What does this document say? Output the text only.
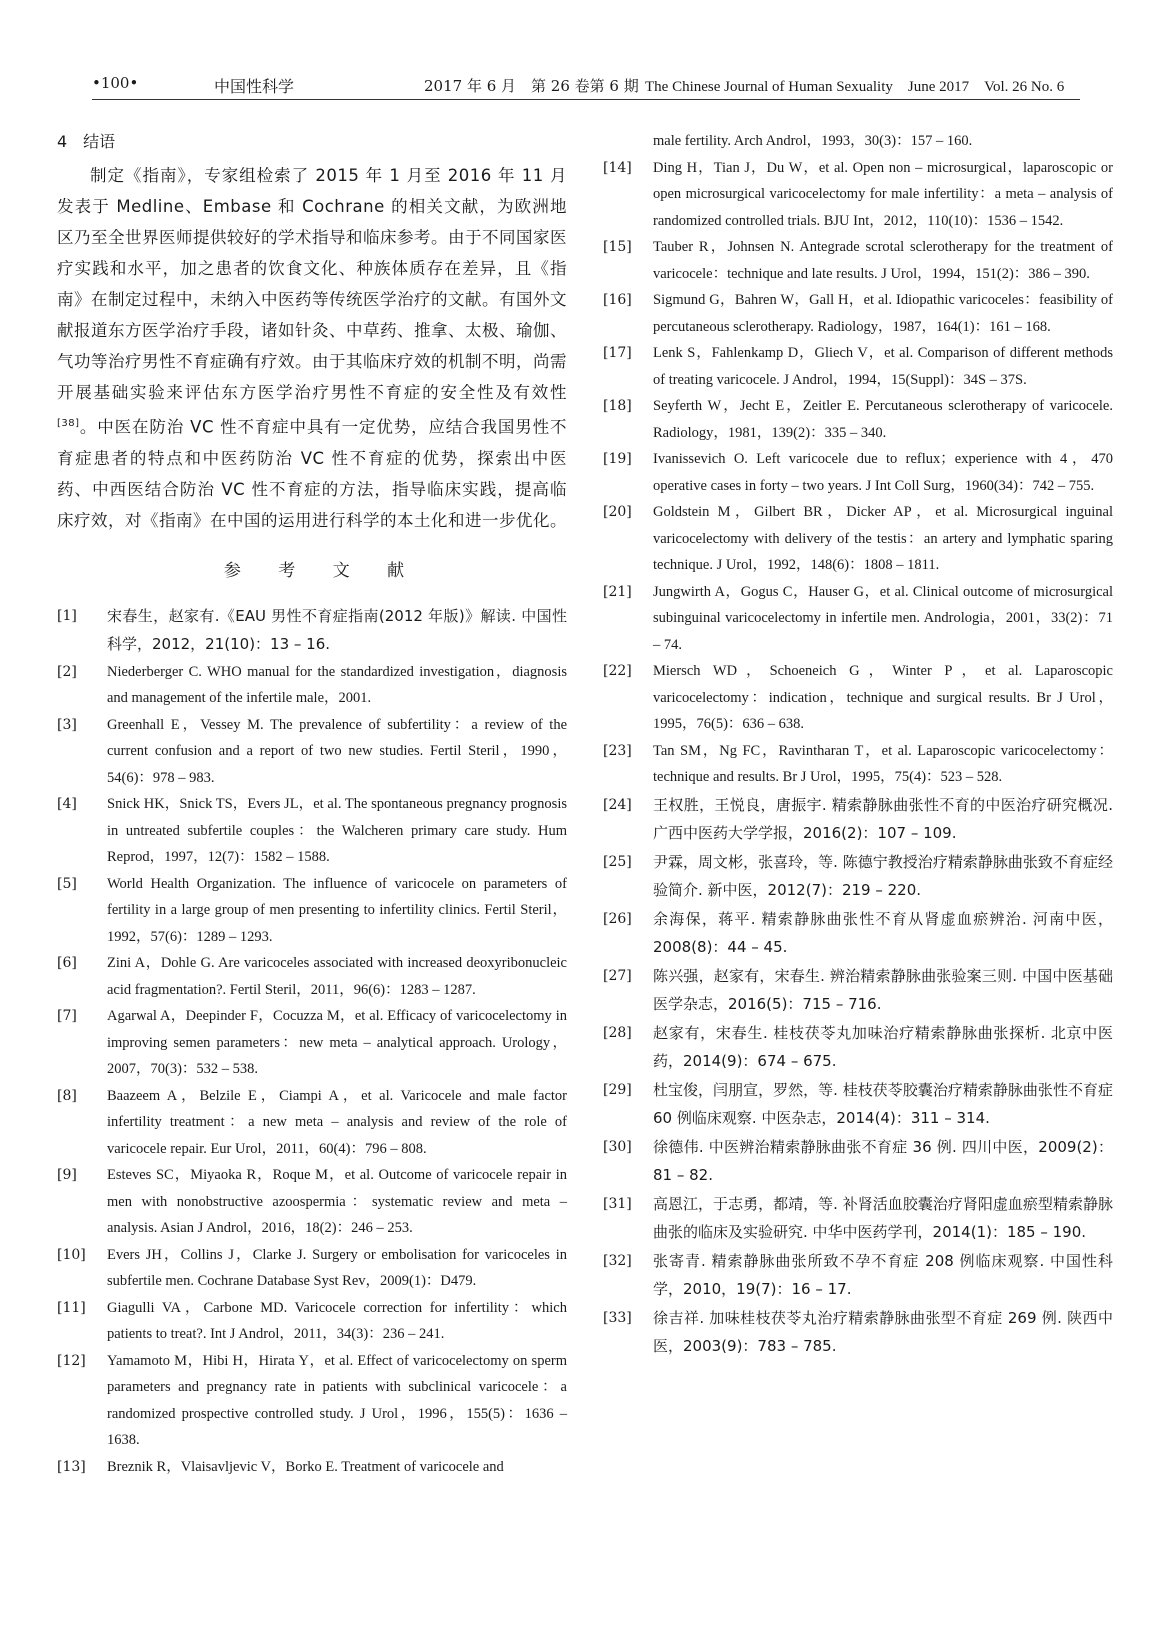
•100•	中国性科学	2017 年 6 月　第 26 卷第 6 期 The Chinese Journal of Human Sexuality　June 2017　Vol. 26 No. 6
4　结语

制定《指南》，专家组检索了 2015 年 1 月至 2016 年 11 月发表于 Medline、Embase 和 Cochrane 的相关文献，为欧洲地区乃至全世界医师提供较好的学术指导和临床参考。由于不同国家医疗实践和水平，加之患者的饮食文化、种族体质存在差异，且《指南》在制定过程中，未纳入中医药等传统医学治疗的文献。有国外文献报道东方医学治疗手段，诸如针灸、中草药、推拿、太极、瑜伽、气功等治疗男性不育症确有疗效。由于其临床疗效的机制不明，尚需开展基础实验来评估东方医学治疗男性不育症的安全性及有效性[38]。中医在防治 VC 性不育症中具有一定优势，应结合我国男性不育症患者的特点和中医药防治 VC 性不育症的优势，探索出中医药、中西医结合防治 VC 性不育症的方法，指导临床实践，提高临床疗效，对《指南》在中国的运用进行科学的本土化和进一步优化。

参 考 文 献
[1] 宋春生，赵家有.《EAU 男性不育症指南(2012 年版)》解读. 中国性科学，2012，21(10)：13 – 16.
[2] Niederberger C. WHO manual for the standardized investigation，diagnosis and management of the infertile male，2001.
[3] Greenhall E，Vessey M. The prevalence of subfertility：a review of the current confusion and a report of two new studies. Fertil Steril，1990，54(6)：978 – 983.
[4] Snick HK，Snick TS，Evers JL，et al. The spontaneous pregnancy prognosis in untreated subfertile couples：the Walcheren primary care study. Hum Reprod，1997，12(7)：1582 – 1588.
[5] World Health Organization. The influence of varicocele on parameters of fertility in a large group of men presenting to infertility clinics. Fertil Steril，1992，57(6)：1289 – 1293.
[6] Zini A，Dohle G. Are varicoceles associated with increased deoxyribonucleic acid fragmentation?. Fertil Steril，2011，96(6)：1283 – 1287.
[7] Agarwal A，Deepinder F，Cocuzza M，et al. Efficacy of varicocelectomy in improving semen parameters：new meta – analytical approach. Urology，2007，70(3)：532 – 538.
[8] Baazeem A，Belzile E，Ciampi A，et al. Varicocele and male factor infertility treatment：a new meta – analysis and review of the role of varicocele repair. Eur Urol，2011，60(4)：796 – 808.
[9] Esteves SC，Miyaoka R，Roque M，et al. Outcome of varicocele repair in men with nonobstructive azoospermia：systematic review and meta – analysis. Asian J Androl，2016，18(2)：246 – 253.
[10] Evers JH，Collins J，Clarke J. Surgery or embolisation for varicoceles in subfertile men. Cochrane Database Syst Rev，2009(1)：D479.
[11] Giagulli VA，Carbone MD. Varicocele correction for infertility：which patients to treat?. Int J Androl，2011，34(3)：236 – 241.
[12] Yamamoto M，Hibi H，Hirata Y，et al. Effect of varicocelectomy on sperm parameters and pregnancy rate in patients with subclinical varicocele：a randomized prospective controlled study. J Urol，1996，155(5)：1636 – 1638.
[13] Breznik R，Vlaisavljevic V，Borko E. Treatment of varicocele and
male fertility. Arch Androl，1993，30(3)：157 – 160.
[14] Ding H，Tian J，Du W，et al. Open non – microsurgical，laparoscopic or open microsurgical varicocelectomy for male infertility：a meta – analysis of randomized controlled trials. BJU Int，2012，110(10)：1536 – 1542.
[15] Tauber R，Johnsen N. Antegrade scrotal sclerotherapy for the treatment of varicocele：technique and late results. J Urol，1994，151(2)：386 – 390.
[16] Sigmund G，Bahren W，Gall H，et al. Idiopathic varicoceles：feasibility of percutaneous sclerotherapy. Radiology，1987，164(1)：161 – 168.
[17] Lenk S，Fahlenkamp D，Gliech V，et al. Comparison of different methods of treating varicocele. J Androl，1994，15(Suppl)：34S – 37S.
[18] Seyferth W，Jecht E，Zeitler E. Percutaneous sclerotherapy of varicocele. Radiology，1981，139(2)：335 – 340.
[19] Ivanissevich O. Left varicocele due to reflux；experience with 4，470 operative cases in forty – two years. J Int Coll Surg，1960(34)：742 – 755.
[20] Goldstein M，Gilbert BR，Dicker AP，et al. Microsurgical inguinal varicocelectomy with delivery of the testis：an artery and lymphatic sparing technique. J Urol，1992，148(6)：1808 – 1811.
[21] Jungwirth A，Gogus C，Hauser G，et al. Clinical outcome of microsurgical subinguinal varicocelectomy in infertile men. Andrologia，2001，33(2)：71 – 74.
[22] Miersch WD，Schoeneich G，Winter P，et al. Laparoscopic varicocelectomy：indication，technique and surgical results. Br J Urol，1995，76(5)：636 – 638.
[23] Tan SM，Ng FC，Ravintharan T，et al. Laparoscopic varicocelectomy：technique and results. Br J Urol，1995，75(4)：523 – 528.
[24] 王权胜，王悦良，唐振宇. 精索静脉曲张性不育的中医治疗研究概况. 广西中医药大学学报，2016(2)：107 – 109.
[25] 尹霖，周文彬，张喜玲，等. 陈德宁教授治疗精索静脉曲张致不育症经验简介. 新中医，2012(7)：219 – 220.
[26] 余海保，蒋平. 精索静脉曲张性不育从肾虚血瘀辨治. 河南中医，2008(8)：44 – 45.
[27] 陈兴强，赵家有，宋春生. 辨治精索静脉曲张验案三则. 中国中医基础医学杂志，2016(5)：715 – 716.
[28] 赵家有，宋春生. 桂枝茯苓丸加味治疗精索静脉曲张探析. 北京中医药，2014(9)：674 – 675.
[29] 杜宝俊，闫朋宣，罗然，等. 桂枝茯苓胶囊治疗精索静脉曲张性不育症 60 例临床观察. 中医杂志，2014(4)：311 – 314.
[30] 徐德伟. 中医辨治精索静脉曲张不育症 36 例. 四川中医，2009(2)：81 – 82.
[31] 高恩江，于志勇，都靖，等. 补肾活血胶囊治疗肾阳虚血瘀型精索静脉曲张的临床及实验研究. 中华中医药学刊，2014(1)：185 – 190.
[32] 张寄青. 精索静脉曲张所致不孕不育症 208 例临床观察. 中国性科学，2010，19(7)：16 – 17.
[33] 徐吉祥. 加味桂枝茯苓丸治疗精索静脉曲张型不育症 269 例. 陕西中医，2003(9)：783 – 785.
